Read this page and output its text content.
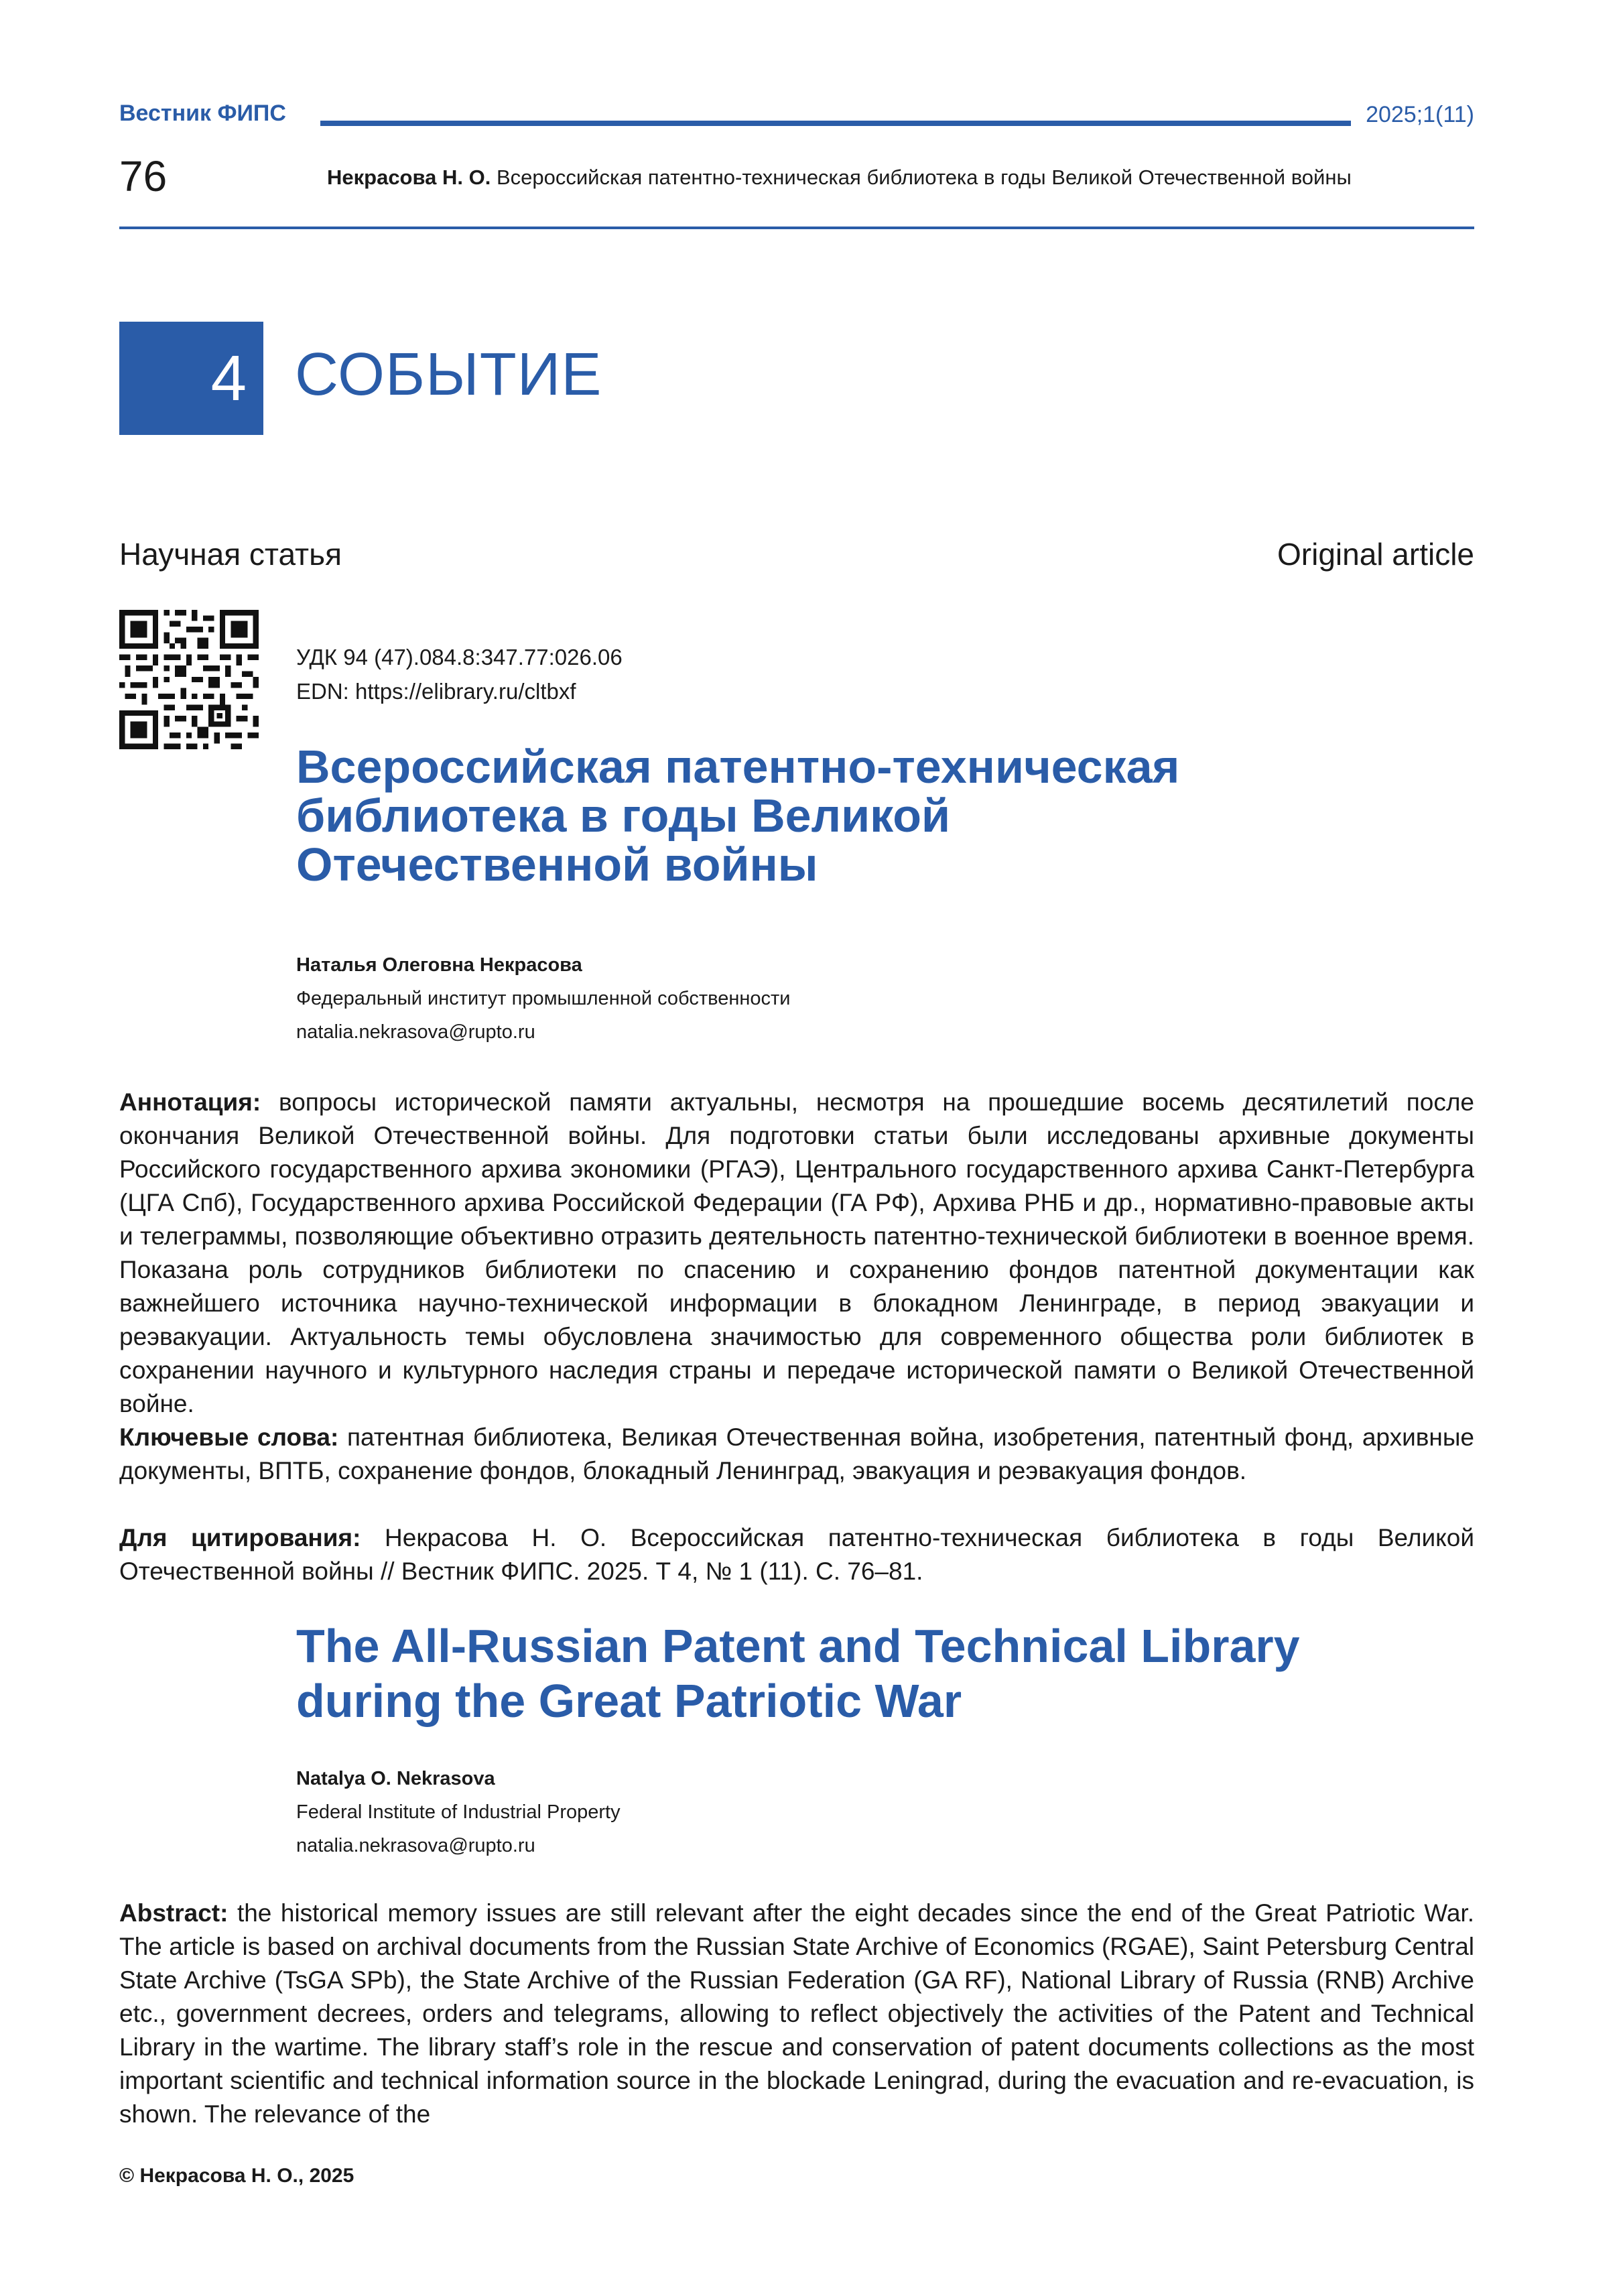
Вестник ФИПС	2025;1(11)
76	Некрасова Н. О. Всероссийская патентно-техническая библиотека в годы Великой Отечественной войны
4 СОБЫТИЕ
Научная статья	Original article
УДК 94 (47).084.8:347.77:026.06
EDN: https://elibrary.ru/cltbxf
Всероссийская патентно-техническая
библиотека в годы Великой
Отечественной войны
Наталья Олеговна Некрасова
Федеральный институт промышленной собственности
natalia.nekrasova@rupto.ru

Аннотация: вопросы исторической памяти актуальны, несмотря на прошедшие восемь десятилетий после окончания Великой Отечественной войны. Для подготовки статьи были исследованы архивные документы Российского государственного архива экономики (РГАЭ), Центрального государственного архива Санкт-Петербурга (ЦГА Спб), Государственного архива Российской Федерации (ГА РФ), Архива РНБ и др., нормативно-правовые акты и телеграммы, позволяющие объективно отразить деятельность патентно-технической библиотеки в военное время. Показана роль сотрудников библиотеки по спасению и сохранению фондов патентной документации как важнейшего источника научно-технической информации в блокадном Ленинграде, в период эвакуации и реэвакуации. Актуальность темы обусловлена значимостью для современного общества роли библиотек в сохранении научного и культурного наследия страны и передаче исторической памяти о Великой Отечественной войне.

Ключевые слова: патентная библиотека, Великая Отечественная война, изобретения, патентный фонд, архивные документы, ВПТБ, сохранение фондов, блокадный Ленинград, эвакуация и реэвакуация фондов.

Для цитирования: Некрасова Н. О. Всероссийская патентно-техническая библиотека в годы Великой Отечественной войны // Вестник ФИПС. 2025. Т 4, № 1 (11). С. 76–81.

The All-Russian Patent and Technical Library
during the Great Patriotic War
Natalya O. Nekrasova
Federal Institute of Industrial Property
natalia.nekrasova@rupto.ru

Abstract: the historical memory issues are still relevant after the eight decades since the end of the Great Patriotic War. The article is based on archival documents from the Russian State Archive of Economics (RGAE), Saint Petersburg Central State Archive (TsGA SPb), the State Archive of the Russian Federation (GA RF), National Library of Russia (RNB) Archive etc., government decrees, orders and telegrams, allowing to reflect objectively the activities of the Patent and Technical Library in the wartime. The library staff’s role in the rescue and conservation of patent documents collections as the most important scientific and technical information source in the blockade Leningrad, during the evacuation and re-evacuation, is shown. The relevance of the

© Некрасова Н. О., 2025
